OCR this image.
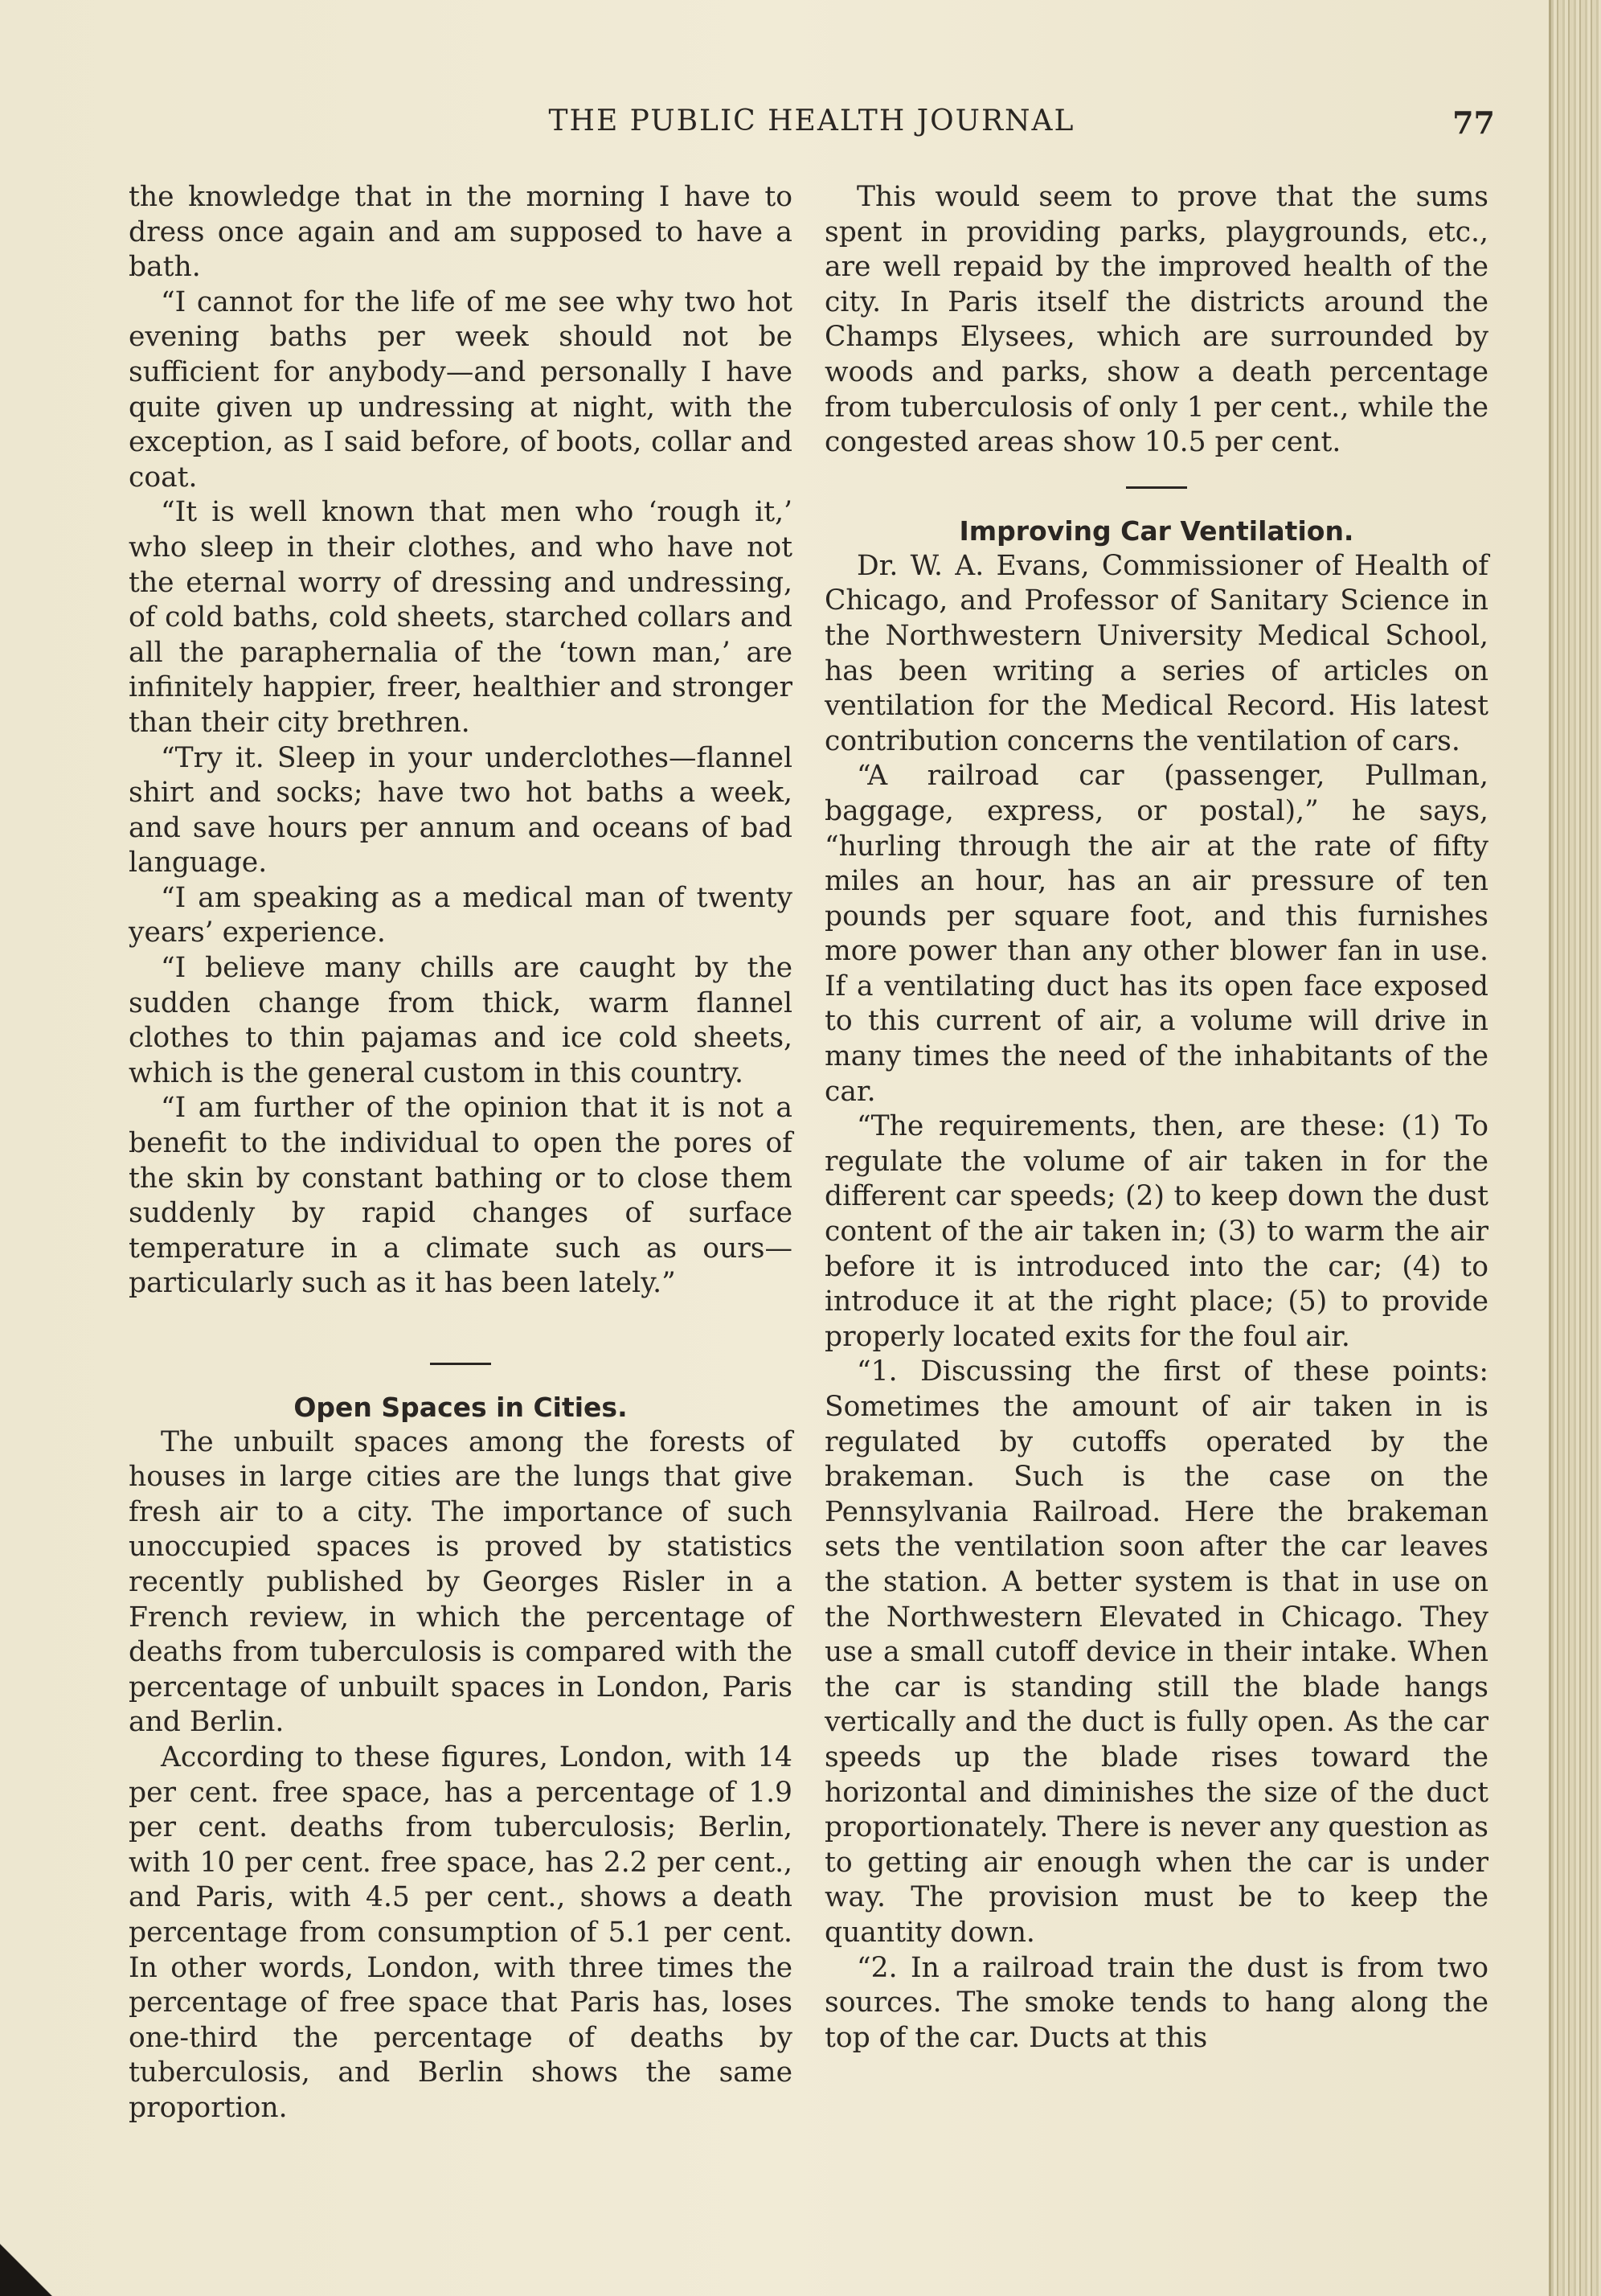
THE PUBLIC HEALTH JOURNAL	77

the knowledge that in the morning I have to dress once again and am supposed to have a bath.

“I cannot for the life of me see why two hot evening baths per week should not be sufficient for anybody—and personally I have quite given up undressing at night, with the exception, as I said before, of boots, collar and coat.

“It is well known that men who ‘rough it,’ who sleep in their clothes, and who have not the eternal worry of dressing and undressing, of cold baths, cold sheets, starched collars and all the paraphernalia of the ‘town man,’ are infinitely happier, freer, healthier and stronger than their city brethren.

“Try it. Sleep in your underclothes—flannel shirt and socks; have two hot baths a week, and save hours per annum and oceans of bad language.

“I am speaking as a medical man of twenty years’ experience.

“I believe many chills are caught by the sudden change from thick, warm flannel clothes to thin pajamas and ice cold sheets, which is the general custom in this country.

“I am further of the opinion that it is not a benefit to the individual to open the pores of the skin by constant bathing or to close them suddenly by rapid changes of surface temperature in a climate such as ours—particularly such as it has been lately.”

Open Spaces in Cities.

The unbuilt spaces among the forests of houses in large cities are the lungs that give fresh air to a city. The importance of such unoccupied spaces is proved by statistics recently published by Georges Risler in a French review, in which the percentage of deaths from tuberculosis is compared with the percentage of unbuilt spaces in London, Paris and Berlin.

According to these figures, London, with 14 per cent. free space, has a percentage of 1.9 per cent. deaths from tuberculosis; Berlin, with 10 per cent. free space, has 2.2 per cent., and Paris, with 4.5 per cent., shows a death percentage from consumption of 5.1 per cent. In other words, London, with three times the percentage of free space that Paris has, loses one-third the percentage of deaths by tuberculosis, and Berlin shows the same proportion.

This would seem to prove that the sums spent in providing parks, playgrounds, etc., are well repaid by the improved health of the city. In Paris itself the districts around the Champs Elysees, which are surrounded by woods and parks, show a death percentage from tuberculosis of only 1 per cent., while the congested areas show 10.5 per cent.

Improving Car Ventilation.

Dr. W. A. Evans, Commissioner of Health of Chicago, and Professor of Sanitary Science in the Northwestern University Medical School, has been writing a series of articles on ventilation for the Medical Record. His latest contribution concerns the ventilation of cars.

“A railroad car (passenger, Pullman, baggage, express, or postal),” he says, “hurling through the air at the rate of fifty miles an hour, has an air pressure of ten pounds per square foot, and this furnishes more power than any other blower fan in use. If a ventilating duct has its open face exposed to this current of air, a volume will drive in many times the need of the inhabitants of the car.

“The requirements, then, are these: (1) To regulate the volume of air taken in for the different car speeds; (2) to keep down the dust content of the air taken in; (3) to warm the air before it is introduced into the car; (4) to introduce it at the right place; (5) to provide properly located exits for the foul air.

“1. Discussing the first of these points: Sometimes the amount of air taken in is regulated by cutoffs operated by the brakeman. Such is the case on the Pennsylvania Railroad. Here the brakeman sets the ventilation soon after the car leaves the station. A better system is that in use on the Northwestern Elevated in Chicago. They use a small cutoff device in their intake. When the car is standing still the blade hangs vertically and the duct is fully open. As the car speeds up the blade rises toward the horizontal and diminishes the size of the duct proportionately. There is never any question as to getting air enough when the car is under way. The provision must be to keep the quantity down.

“2. In a railroad train the dust is from two sources. The smoke tends to hang along the top of the car. Ducts at this
